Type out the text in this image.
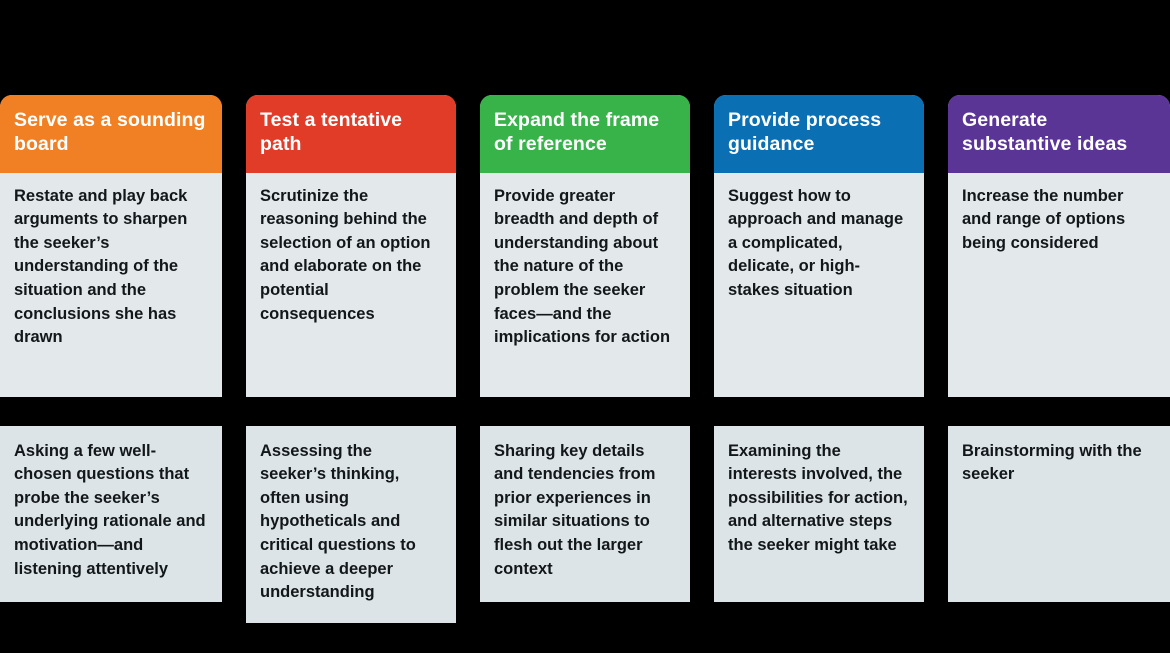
Serve as a sounding board
Restate and play back arguments to sharpen the seeker’s understanding of the situation and the conclusions she has drawn
Asking a few well-chosen questions that probe the seeker’s underlying rationale and motivation—and listening attentively
Test a tentative path
Scrutinize the reasoning behind the selection of an option and elaborate on the potential consequences
Assessing the seeker’s thinking, often using hypotheticals and critical questions to achieve a deeper understanding
Expand the frame of reference
Provide greater breadth and depth of understanding about the nature of the problem the seeker faces—and the implications for action
Sharing key details and tendencies from prior experiences in similar situations to flesh out the larger context
Provide process guidance
Suggest how to approach and manage a complicated, delicate, or high-stakes situation
Examining the interests involved, the possibilities for action, and alternative steps the seeker might take
Generate substantive ideas
Increase the number and range of options being considered
Brainstorming with the seeker
